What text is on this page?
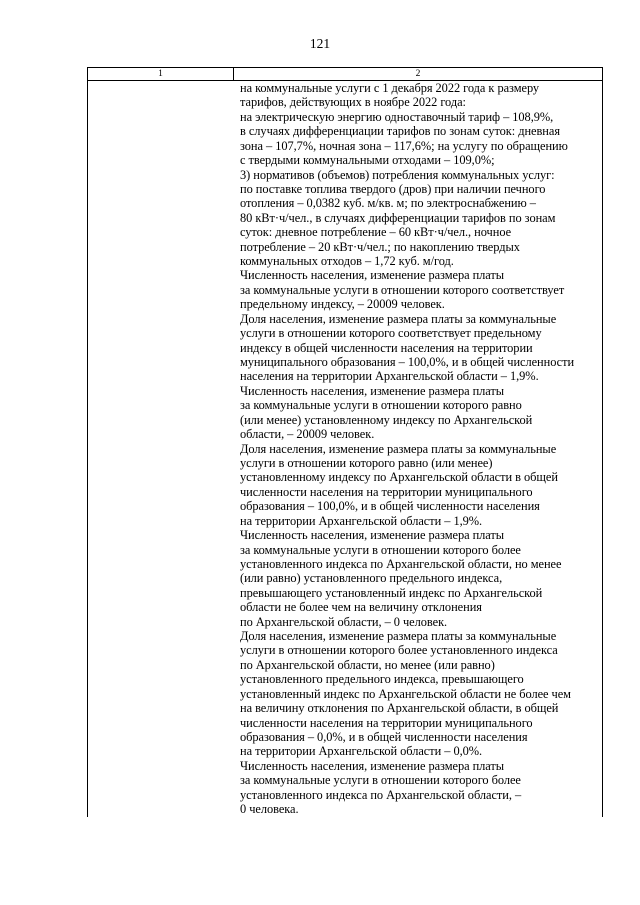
121
1	2
на коммунальные услуги с 1 декабря 2022 года к размеру
тарифов, действующих в ноябре 2022 года:
на электрическую энергию одноставочный тариф – 108,9%,
в случаях дифференциации тарифов по зонам суток: дневная
зона – 107,7%, ночная зона – 117,6%; на услугу по обращению
с твердыми коммунальными отходами – 109,0%;
3) нормативов (объемов) потребления коммунальных услуг:
по поставке топлива твердого (дров) при наличии печного
отопления – 0,0382 куб. м/кв. м; по электроснабжению –
80 кВт·ч/чел., в случаях дифференциации тарифов по зонам
суток: дневное потребление – 60 кВт·ч/чел., ночное
потребление – 20 кВт·ч/чел.; по накоплению твердых
коммунальных отходов – 1,72 куб. м/год.
Численность населения, изменение размера платы
за коммунальные услуги в отношении которого соответствует
предельному индексу, – 20009 человек.
Доля населения, изменение размера платы за коммунальные
услуги в отношении которого соответствует предельному
индексу в общей численности населения на территории
муниципального образования – 100,0%, и в общей численности
населения на территории Архангельской области – 1,9%.
Численность населения, изменение размера платы
за коммунальные услуги в отношении которого равно
(или менее) установленному индексу по Архангельской
области, – 20009 человек.
Доля населения, изменение размера платы за коммунальные
услуги в отношении которого равно (или менее)
установленному индексу по Архангельской области в общей
численности населения на территории муниципального
образования – 100,0%, и в общей численности населения
на территории Архангельской области – 1,9%.
Численность населения, изменение размера платы
за коммунальные услуги в отношении которого более
установленного индекса по Архангельской области, но менее
(или равно) установленного предельного индекса,
превышающего установленный индекс по Архангельской
области не более чем на величину отклонения
по Архангельской области, – 0 человек.
Доля населения, изменение размера платы за коммунальные
услуги в отношении которого более установленного индекса
по Архангельской области, но менее (или равно)
установленного предельного индекса, превышающего
установленный индекс по Архангельской области не более чем
на величину отклонения по Архангельской области, в общей
численности населения на территории муниципального
образования – 0,0%, и в общей численности населения
на территории Архангельской области – 0,0%.
Численность населения, изменение размера платы
за коммунальные услуги в отношении которого более
установленного индекса по Архангельской области, –
0 человека.
